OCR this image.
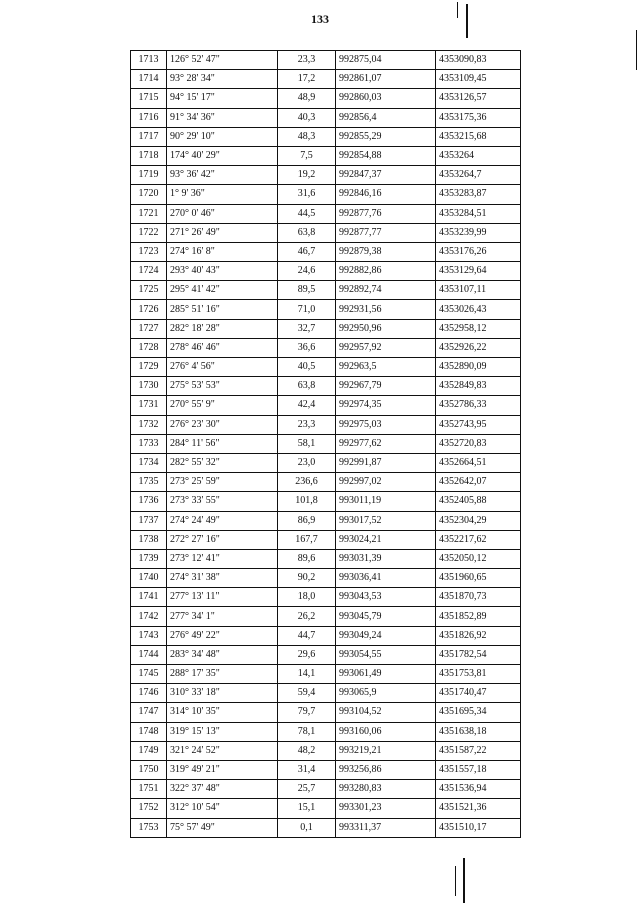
133
1713	126° 52' 47"	23,3	992875,04	4353090,83
1714	93° 28' 34"	17,2	992861,07	4353109,45
1715	94° 15' 17"	48,9	992860,03	4353126,57
1716	91° 34' 36"	40,3	992856,4	4353175,36
1717	90° 29' 10"	48,3	992855,29	4353215,68
1718	174° 40' 29"	7,5	992854,88	4353264
1719	93° 36' 42"	19,2	992847,37	4353264,7
1720	1° 9' 36"	31,6	992846,16	4353283,87
1721	270° 0' 46"	44,5	992877,76	4353284,51
1722	271° 26' 49"	63,8	992877,77	4353239,99
1723	274° 16' 8"	46,7	992879,38	4353176,26
1724	293° 40' 43"	24,6	992882,86	4353129,64
1725	295° 41' 42"	89,5	992892,74	4353107,11
1726	285° 51' 16"	71,0	992931,56	4353026,43
1727	282° 18' 28"	32,7	992950,96	4352958,12
1728	278° 46' 46"	36,6	992957,92	4352926,22
1729	276° 4' 56"	40,5	992963,5	4352890,09
1730	275° 53' 53"	63,8	992967,79	4352849,83
1731	270° 55' 9"	42,4	992974,35	4352786,33
1732	276° 23' 30"	23,3	992975,03	4352743,95
1733	284° 11' 56"	58,1	992977,62	4352720,83
1734	282° 55' 32"	23,0	992991,87	4352664,51
1735	273° 25' 59"	236,6	992997,02	4352642,07
1736	273° 33' 55"	101,8	993011,19	4352405,88
1737	274° 24' 49"	86,9	993017,52	4352304,29
1738	272° 27' 16"	167,7	993024,21	4352217,62
1739	273° 12' 41"	89,6	993031,39	4352050,12
1740	274° 31' 38"	90,2	993036,41	4351960,65
1741	277° 13' 11"	18,0	993043,53	4351870,73
1742	277° 34' 1"	26,2	993045,79	4351852,89
1743	276° 49' 22"	44,7	993049,24	4351826,92
1744	283° 34' 48"	29,6	993054,55	4351782,54
1745	288° 17' 35"	14,1	993061,49	4351753,81
1746	310° 33' 18"	59,4	993065,9	4351740,47
1747	314° 10' 35"	79,7	993104,52	4351695,34
1748	319° 15' 13"	78,1	993160,06	4351638,18
1749	321° 24' 52"	48,2	993219,21	4351587,22
1750	319° 49' 21"	31,4	993256,86	4351557,18
1751	322° 37' 48"	25,7	993280,83	4351536,94
1752	312° 10' 54"	15,1	993301,23	4351521,36
1753	75° 57' 49"	0,1	993311,37	4351510,17
